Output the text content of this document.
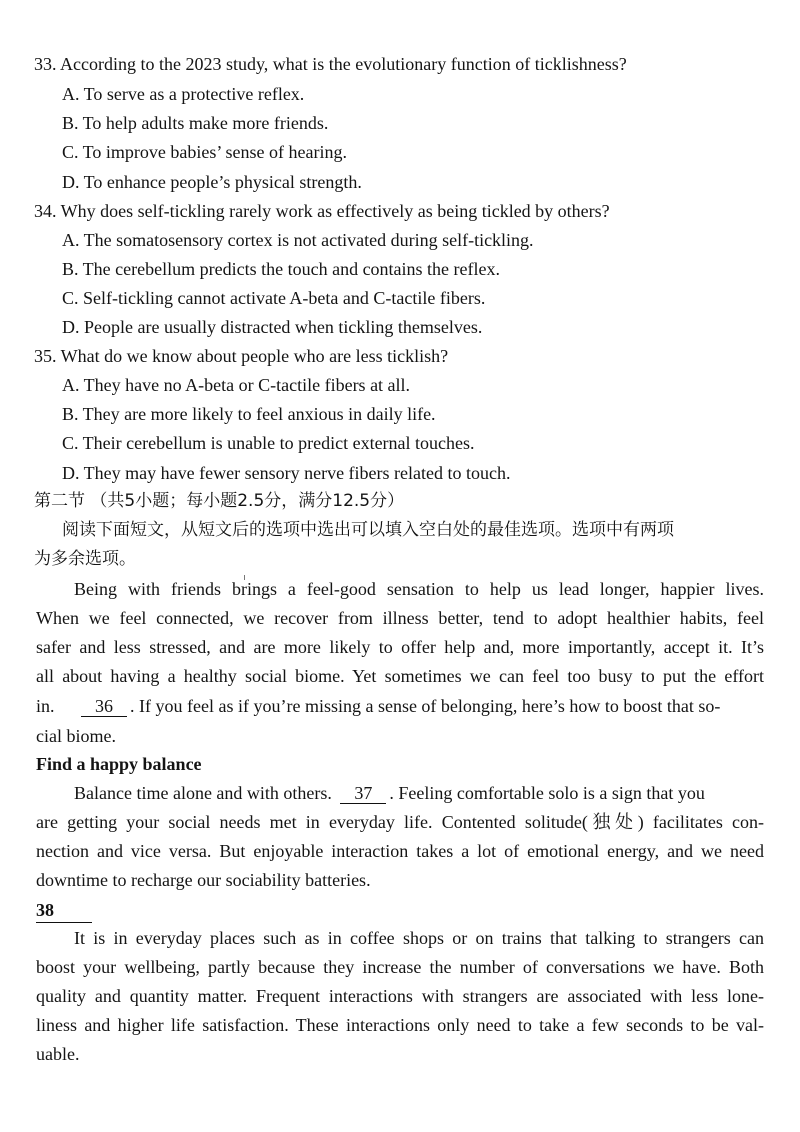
33. According to the 2023 study, what is the evolutionary function of ticklishness?
A. To serve as a protective reflex.
B. To help adults make more friends.
C. To improve babies’ sense of hearing.
D. To enhance people’s physical strength.
34. Why does self-tickling rarely work as effectively as being tickled by others?
A. The somatosensory cortex is not activated during self-tickling.
B. The cerebellum predicts the touch and contains the reflex.
C. Self-tickling cannot activate A-beta and C-tactile fibers.
D. People are usually distracted when tickling themselves.
35. What do we know about people who are less ticklish?
A. They have no A-beta or C-tactile fibers at all.
B. They are more likely to feel anxious in daily life.
C. Their cerebellum is unable to predict external touches.
D. They may have fewer sensory nerve fibers related to touch.
第二节 （共5小题；每小题2.5分，满分12.5分）
阅读下面短文，从短文后的选项中选出可以填入空白处的最佳选项。选项中有两项
为多余选项。
Being with friends brings a feel-good sensation to help us lead longer, happier lives.
When we feel connected, we recover from illness better, tend to adopt healthier habits, feel
safer and less stressed, and are more likely to offer help and, more importantly, accept it. It’s
all about having a healthy social biome. Yet sometimes we can feel too busy to put the effort
in. 36 . If you feel as if you’re missing a sense of belonging, here’s how to boost that so-
cial biome.
Find a happy balance
Balance time alone and with others. 37 . Feeling comfortable solo is a sign that you
are getting your social needs met in everyday life. Contented solitude(独处) facilitates con-
nection and vice versa. But enjoyable interaction takes a lot of emotional energy, and we need
downtime to recharge our sociability batteries.
38
It is in everyday places such as in coffee shops or on trains that talking to strangers can
boost your wellbeing, partly because they increase the number of conversations we have. Both
quality and quantity matter. Frequent interactions with strangers are associated with less lone-
liness and higher life satisfaction. These interactions only need to take a few seconds to be val-
uable.
